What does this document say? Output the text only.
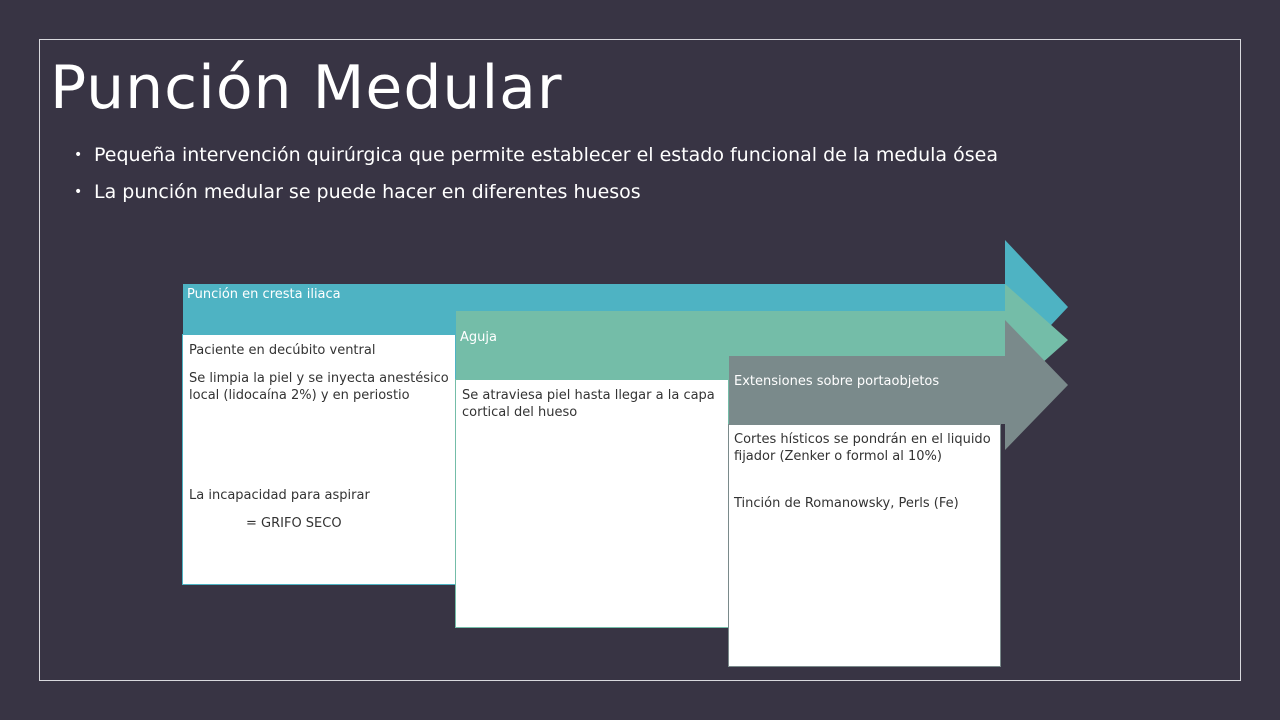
Punción Medular
• Pequeña intervención quirúrgica que permite establecer el estado funcional de la medula ósea
• La punción medular se puede hacer en diferentes huesos
Paciente en decúbito ventral
Se limpia la piel y se inyecta anestésico local (lidocaína 2%) y en periostio
La incapacidad para aspirar
= GRIFO SECO
Punción en cresta iliaca
Se atraviesa piel hasta llegar a la capa cortical del hueso
Aguja
Cortes hísticos se pondrán en el liquido fijador (Zenker o formol al 10%)
Tinción de Romanowsky, Perls (Fe)
Extensiones sobre portaobjetos
